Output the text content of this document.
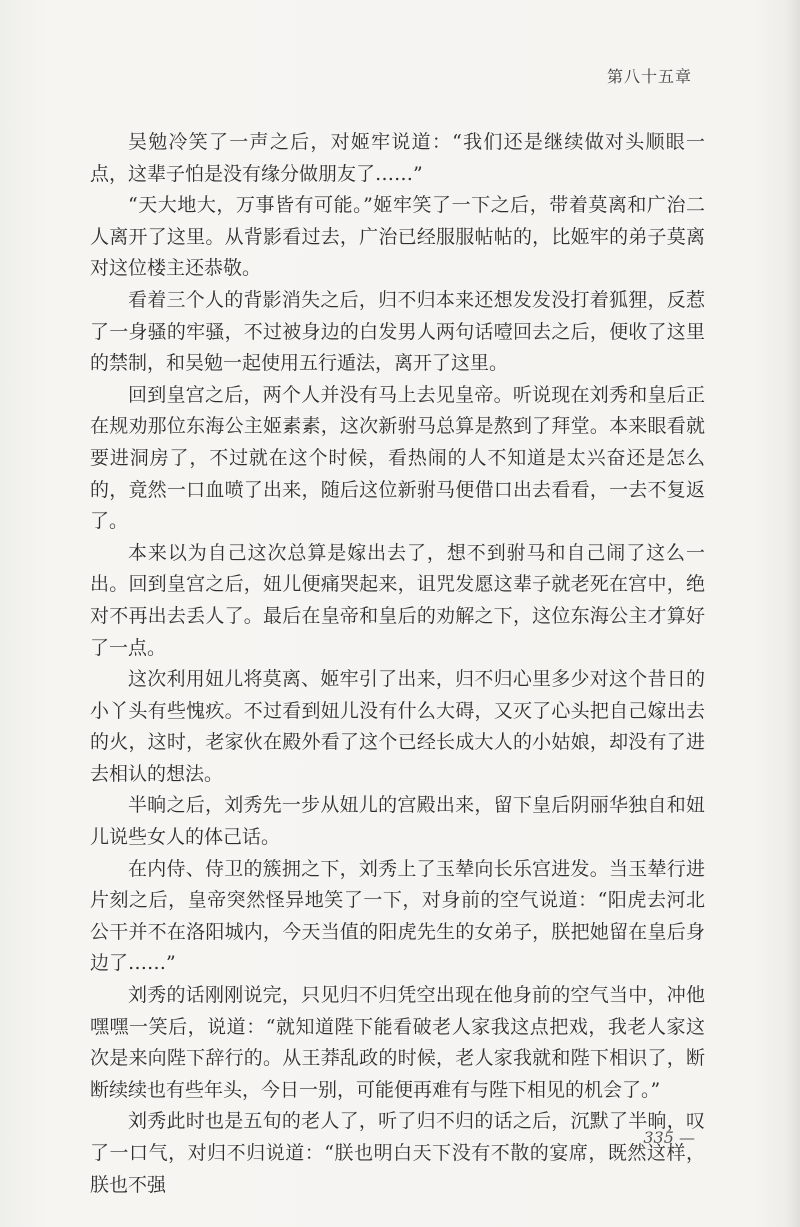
第八十五章

吴勉冷笑了一声之后，对姬牢说道：“我们还是继续做对头顺眼一点，这辈子怕是没有缘分做朋友了……”

“天大地大，万事皆有可能。”姬牢笑了一下之后，带着莫离和广治二人离开了这里。从背影看过去，广治已经服服帖帖的，比姬牢的弟子莫离对这位楼主还恭敬。

看着三个人的背影消失之后，归不归本来还想发发没打着狐狸，反惹了一身骚的牢骚，不过被身边的白发男人两句话噎回去之后，便收了这里的禁制，和吴勉一起使用五行遁法，离开了这里。

回到皇宫之后，两个人并没有马上去见皇帝。听说现在刘秀和皇后正在规劝那位东海公主姬素素，这次新驸马总算是熬到了拜堂。本来眼看就要进洞房了，不过就在这个时候，看热闹的人不知道是太兴奋还是怎么的，竟然一口血喷了出来，随后这位新驸马便借口出去看看，一去不复返了。

本来以为自己这次总算是嫁出去了，想不到驸马和自己闹了这么一出。回到皇宫之后，妞儿便痛哭起来，诅咒发愿这辈子就老死在宫中，绝对不再出去丢人了。最后在皇帝和皇后的劝解之下，这位东海公主才算好了一点。

这次利用妞儿将莫离、姬牢引了出来，归不归心里多少对这个昔日的小丫头有些愧疚。不过看到妞儿没有什么大碍，又灭了心头把自己嫁出去的火，这时，老家伙在殿外看了这个已经长成大人的小姑娘，却没有了进去相认的想法。

半晌之后，刘秀先一步从妞儿的宫殿出来，留下皇后阴丽华独自和妞儿说些女人的体己话。

在内侍、侍卫的簇拥之下，刘秀上了玉辇向长乐宫进发。当玉辇行进片刻之后，皇帝突然怪异地笑了一下，对身前的空气说道：“阳虎去河北公干并不在洛阳城内，今天当值的阳虎先生的女弟子，朕把她留在皇后身边了……”

刘秀的话刚刚说完，只见归不归凭空出现在他身前的空气当中，冲他嘿嘿一笑后，说道：“就知道陛下能看破老人家我这点把戏，我老人家这次是来向陛下辞行的。从王莽乱政的时候，老人家我就和陛下相识了，断断续续也有些年头，今日一别，可能便再难有与陛下相见的机会了。”

刘秀此时也是五旬的老人了，听了归不归的话之后，沉默了半晌，叹了一口气，对归不归说道：“朕也明白天下没有不散的宴席，既然这样，朕也不强

335 —
